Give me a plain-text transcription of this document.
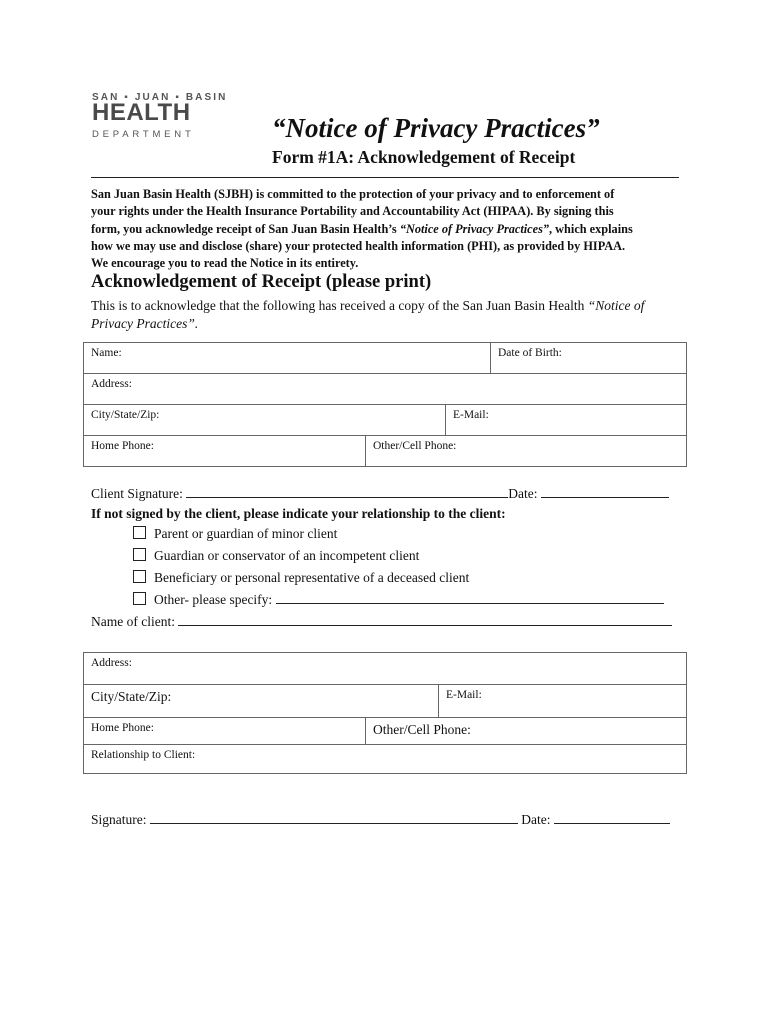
SAN ▪ JUAN ▪ BASIN
HEALTH
DEPARTMENT	“Notice of Privacy Practices”
Form #1A: Acknowledgement of Receipt
San Juan Basin Health (SJBH) is committed to the protection of your privacy and to enforcement of
your rights under the Health Insurance Portability and Accountability Act (HIPAA). By signing this
form, you acknowledge receipt of San Juan Basin Health’s “Notice of Privacy Practices”, which explains
how we may use and disclose (share) your protected health information (PHI), as provided by HIPAA.
We encourage you to read the Notice in its entirety.
Acknowledgement of Receipt (please print)
This is to acknowledge that the following has received a copy of the San Juan Basin Health “Notice of
Privacy Practices”.
Name:			Date of Birth:
Address:			
City/State/Zip:		E-Mail:	
Home Phone:	Other/Cell Phone:		
Client Signature:	Date:
If not signed by the client, please indicate your relationship to the client:
Parent or guardian of minor client
Guardian or conservator of an incompetent client
Beneficiary or personal representative of a deceased client
Other- please specify:
Name of client:
Address:		
City/State/Zip:		E-Mail:
Home Phone:	Other/Cell Phone:	
Relationship to Client:		
Signature:	Date:
